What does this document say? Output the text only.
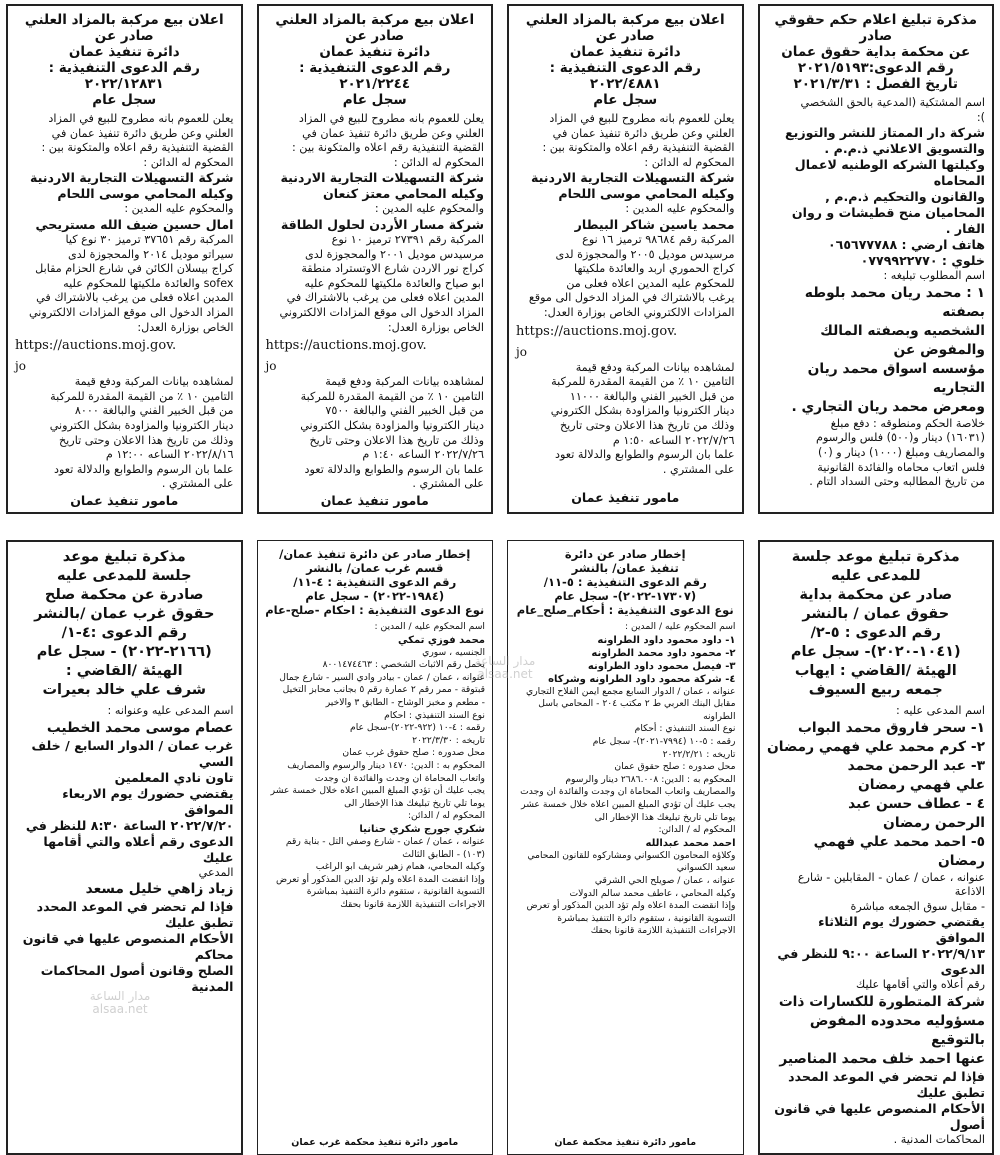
اعلان بيع مركبة بالمزاد العلني صادر عن
دائرة تنفيذ عمان
رقم الدعوى التنفيذية : ٢٠٢٢/١٢٨٣١
سجل عام

يعلن للعموم بانه مطروح للبيع في المزاد

العلني وعن طريق دائرة تنفيذ عمان في

القضية التنفيذية رقم اعلاه والمتكونة بين :

المحكوم له الدائن :

شركة التسهيلات التجارية الاردنية

وكيله المحامي موسى اللحام

والمحكوم عليه المدين :

امال حسين ضيف الله مستريحي

المركبة رقم ٣٧٦٥١ ترميز ٣٠ نوع كيا

سيراتو موديل ٢٠١٤ والمحجوزة لدى

كراج بيسلان الكائن في شارع الحزام مقابل

sofex والعائدة ملكيتها للمحكوم عليه

المدين اعلاه فعلى من يرغب بالاشتراك في

المزاد الدخول الى موقع المزادات الالكتروني

الخاص بوزارة العدل:

https://auctions.moj.gov.
jo

لمشاهده بيانات المركبة ودفع قيمة

التامين ١٠ ٪ من القيمة المقدرة للمركبة

من قبل الخبير الفني والبالغة ٨٠٠٠

دينار الكترونيا والمزاودة بشكل الكتروني

وذلك من تاريخ هذا الاعلان وحتى تاريخ

٢٠٢٢/٨/١٦ الساعه ١٢:٠٠ م

علما بان الرسوم والطوابع والدلالة تعود

على المشتري .

مامور تنفيذ عمان
اعلان بيع مركبة بالمزاد العلني صادر عن
دائرة تنفيذ عمان
رقم الدعوى التنفيذية : ٢٠٢١/٢٢٤٤
سجل عام

يعلن للعموم بانه مطروح للبيع في المزاد

العلني وعن طريق دائرة تنفيذ عمان في

القضية التنفيذية رقم اعلاه والمتكونة بين :

المحكوم له الدائن :

شركة التسهيلات التجارية الاردنية

وكيله المحامي معتز كنعان

والمحكوم عليه المدين :

شركة مسار الأردن لحلول الطاقة

المركبة رقم ٢٧٣٩١ ترميز ١٠ نوع

مرسيدس موديل ٢٠٠١ والمحجوزة لدى

كراج نور الاردن شارع الاوتستراد منطقة

ابو صياح والعائدة ملكيتها للمحكوم عليه

المدين اعلاه فعلى من يرغب بالاشتراك في

المزاد الدخول الى موقع المزادات الالكتروني

الخاص بوزارة العدل:

https://auctions.moj.gov.
jo

لمشاهده بيانات المركبة ودفع قيمة

التامين ١٠ ٪ من القيمة المقدرة للمركبة

من قبل الخبير الفني والبالغة ٧٥٠٠

دينار الكترونيا والمزاودة بشكل الكتروني

وذلك من تاريخ هذا الاعلان وحتى تاريخ

٢٠٢٢/٧/٢٦ الساعه ١:٤٠ م

علما بان الرسوم والطوابع والدلالة تعود

على المشتري .

مامور تنفيذ عمان
اعلان بيع مركبة بالمزاد العلني صادر عن
دائرة تنفيذ عمان
رقم الدعوى التنفيذية : ٢٠٢٢/٤٨٨١
سجل عام

يعلن للعموم بانه مطروح للبيع في المزاد

العلني وعن طريق دائرة تنفيذ عمان في

القضية التنفيذية رقم اعلاه والمتكونة بين :

المحكوم له الدائن :

شركة التسهيلات التجارية الاردنية

وكيله المحامي موسى اللحام

والمحكوم عليه المدين :

محمد ياسين شاكر البيطار

المركبة رقم ٩٨٦٨٤ ترميز ١٦ نوع

مرسيدس موديل ٢٠٠٥ والمحجوزة لدى

كراج الحموري اربد والعائدة ملكيتها

للمحكوم عليه المدين اعلاه فعلى من

يرغب بالاشتراك في المزاد الدخول الى موقع

المزادات الالكتروني الخاص بوزارة العدل:

https://auctions.moj.gov.
jo

لمشاهده بيانات المركبة ودفع قيمة

التامين ١٠ ٪ من القيمة المقدرة للمركبة

من قبل الخبير الفني والبالغة ١١٠٠٠

دينار الكترونيا والمزاودة بشكل الكتروني

وذلك من تاريخ هذا الاعلان وحتى تاريخ

٢٠٢٢/٧/٢٦ الساعه ١:٥٠ م

علما بان الرسوم والطوابع والدلالة تعود

على المشتري .

مامور تنفيذ عمان
مذكرة تبليغ اعلام حكم حقوقي صادر
عن محكمة بداية حقوق عمان
رقم الدعوى:٢٠٢١/٥١٩٣
تاريخ الفصل : ٢٠٢١/٣/٣١

اسم المشتكية (المدعية بالحق الشخصي

):

شركة دار الممتاز للنشر والتوزيع

والتسويق الاعلاني ذ.م.م .

وكيلتها الشركه الوطنيه لاعمال المحاماه

والقانون والتحكيم ذ.م.م ,

المحاميان منح قطيشات و روان الفار .

هاتف ارضي : ٠٦٥٦٧٧٧٨٨

خلوي : ٠٧٧٩٩٢٢٧٧٠

اسم المطلوب تبليغه :

١ : محمد ريان محمد بلوطه بصفته

الشخصيه وبصفته المالك والمفوض عن

مؤسسه اسواق محمد ريان التجاريه

ومعرض محمد ريان التجاري .

خلاصة الحكم ومنطوقه : دفع مبلغ

(١٦٠٣١) دينار و(٥٠٠) فلس والرسوم

والمصاريف ومبلغ (١٠٠٠) دينار و (٠)

فلس اتعاب محاماه والفائدة القانونية

من تاريخ المطالبه وحتى السداد التام .

مذكرة تبليغ موعد
جلسة للمدعى عليه
صادرة عن محكمة صلح
حقوق غرب عمان /بالنشر
رقم الدعوى :٤-١/
(٢١٦٦-٢٠٢٢) - سجل عام
الهيئة /القاضي :
شرف علي خالد بعيرات

اسم المدعى عليه وعنوانه :

عصام موسى محمد الخطيب

غرب عمان / الدوار السابع / خلف السي

تاون نادي المعلمين

يقتضي حضورك يوم الاربعاء الموافق

٢٠٢٢/٧/٢٠ الساعة ٨:٣٠ للنظر في

الدعوى رقم أعلاه والتي أقامها عليك

المدعي

زياد زاهي خليل مسعد

فإذا لم تحضر في الموعد المحدد تطبق عليك

الأحكام المنصوص عليها في قانون محاكم

الصلح وقانون أصول المحاكمات المدنية

إخطار صادر عن دائرة تنفيذ عمان/
قسم غرب عمان/ بالنشر
رقم الدعوى التنفيذية : ٤-١١/
(١٩٨٤-٢٠٢٢) - سجل عام
نوع الدعوى التنفيذية : احكام -صلح-عام

اسم المحكوم عليه / المدين :

محمد فوزي تمكي

الجنسيه ، سوري

يحمل رقم الاثبات الشخصي : ٨٠٠١٤٧٤٤٦٣

عنوانه ، عمان / عمان - بيادر وادي السير - شارع جمال

قبتوقة - ممر رقم ٢ عمارة رقم ٥ بجانب محابز التخيل

- مطعم و مخبز الوشاح - الطابق ٣ والاخير

نوع السند التنفيذي : احكام

رقمه : ٤-١٠ (٩٢٢-٢٠٢٢)-سجل عام

تاريخه : ٢٠٢٢/٣/٣٠

محل صدوره : صلح حقوق غرب عمان

المحكوم به : الدين: ١٤٧٠ دينار والرسوم والمصاريف

واتعاب المحاماة ان وجدت والفائدة ان وجدت

يجب عليك أن تؤدي المبلغ المبين اعلاه خلال خمسة عشر

يوما تلي تاريخ تبليغك هذا الإخطار الى

المحكوم له / الدائن:

شكري جورج شكري حنانيا

عنوانه ، عمان / عمان - شارع وصفي التل - بناية رقم

(١٠٣) - الطابق الثالث

وكيله المحامي، همام زهير شريف ابو الراغب

وإذا انقضت المدة اعلاه ولم تؤد الدين المذكور أو تعرض

التسوية القانونية ، ستقوم دائرة التنفيذ بمباشرة

الاجراءات التنفيذية اللازمة قانونا بحقك

مامور دائرة تنفيذ محكمة غرب عمان
إخطار صادر عن دائرة
تنفيذ عمان/ بالنشر
رقم الدعوى التنفيذية : ٥-١١/
(١٧٣٠٧-٢٠٢٢)- سجل عام
نوع الدعوى التنفيذية : أحكام_صلح_عام

اسم المحكوم عليه / المدين :

١- داود محمود داود الطراونه

٢- محمود داود محمد الطراونه

٣- فيصل محمود داود الطراونه

٤- شركة محمود داود الطراونه وشركاه

عنوانه ، عمان / الدوار السابع مجمع ايمن الفلاح التجاري

مقابل البنك العربي ط ٢ مكتب ٢٠٤ - المحامي باسل

الطراونه

نوع السند التنفيذي : أحكام

رقمه : ٥-١٠ (٧٩٩٤-٢٠٢١)- سجل عام

تاريخه : ٢٠٢٢/٢/٢١

محل صدوره : صلح حقوق عمان

المحكوم به : الدين: ٢٦٨٦.٠٠٨ دينار والرسوم

والمصاريف واتعاب المحاماة ان وجدت والفائدة ان وجدت

يجب عليك أن تؤدي المبلغ المبين اعلاه خلال خمسة عشر

يوما تلي تاريخ تبليغك هذا الإخطار الى

المحكوم له / الدائن:

احمد محمد عبدالله

وكلاؤه المحامون الكسواني ومشاركوه للقانون المحامي

سعيد الكسواني

عنوانه ، عمان / صويلح الحي الشرقي

وكيله المحامي ، عاطف محمد سالم الدولات

وإذا انقضت المدة اعلاه ولم تؤد الدين المذكور أو تعرض

التسوية القانونية ، ستقوم دائرة التنفيذ بمباشرة

الاجراءات التنفيذية اللازمة قانونا بحقك

مامور دائرة تنفيذ محكمة عمان
مذكرة تبليغ موعد جلسة
للمدعى عليه
صادر عن محكمة بداية
حقوق عمان / بالنشر
رقم الدعوى : ٥-٢/
(١٠٤١-٢٠٢٠)- سجل عام
الهيئة /القاضي : ايهاب
جمعه ربيع السيوف

اسم المدعى عليه :

١- سحر فاروق محمد البواب

٢- كرم محمد علي فهمي رمضان

٣- عبد الرحمن محمد

علي فهمي رمضان

٤ - عطاف حسن عبد

الرحمن رمضان

٥- احمد محمد علي فهمي رمضان

عنوانه ، عمان / عمان - المقابلين - شارع الاذاعة

- مقابل سوق الجمعه مباشرة

يقتضي حضورك يوم الثلاثاء الموافق

٢٠٢٢/٩/١٣ الساعة ٩:٠٠ للنظر في الدعوى

رقم أعلاه والتي أقامها عليك

شركة المتطورة للكسارات ذات

مسؤوليه محدوده المفوض بالتوقيع

عنها احمد خلف محمد المناصير

فإذا لم تحضر في الموعد المحدد تطبق عليك

الأحكام المنصوص عليها في قانون أصول

المحاكمات المدنية .

مدار الساعة
alsaa.net
مدار الساعة
alsaa.net
